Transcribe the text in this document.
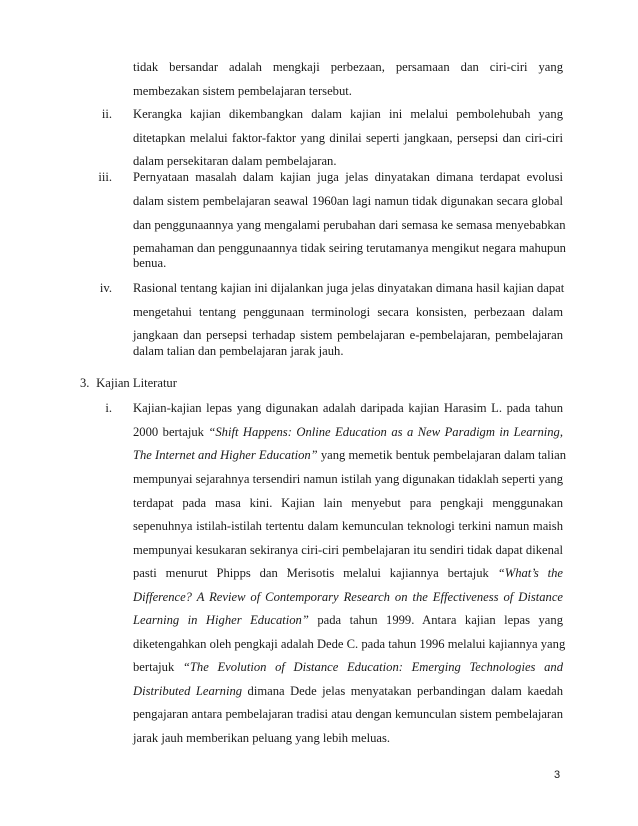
tidak bersandar adalah mengkaji perbezaan, persamaan dan ciri-ciri yang
membezakan sistem pembelajaran tersebut.
ii. Kerangka kajian dikembangkan dalam kajian ini melalui pembolehubah yang
ditetapkan melalui faktor-faktor yang dinilai seperti jangkaan, persepsi dan ciri-ciri
dalam persekitaran dalam pembelajaran.
iii. Pernyataan masalah dalam kajian juga jelas dinyatakan dimana terdapat evolusi
dalam sistem pembelajaran seawal 1960an lagi namun tidak digunakan secara global
dan penggunaannya yang mengalami perubahan dari semasa ke semasa menyebabkan
pemahaman dan penggunaannya tidak seiring terutamanya mengikut negara mahupun
benua.
iv. Rasional tentang kajian ini dijalankan juga jelas dinyatakan dimana hasil kajian dapat
mengetahui tentang penggunaan terminologi secara konsisten, perbezaan dalam
jangkaan dan persepsi terhadap sistem pembelajaran e-pembelajaran, pembelajaran
dalam talian dan pembelajaran jarak jauh.
3. Kajian Literatur
i. Kajian-kajian lepas yang digunakan adalah daripada kajian Harasim L. pada tahun
2000 bertajuk “Shift Happens: Online Education as a New Paradigm in Learning,
The Internet and Higher Education” yang memetik bentuk pembelajaran dalam talian
mempunyai sejarahnya tersendiri namun istilah yang digunakan tidaklah seperti yang
terdapat pada masa kini. Kajian lain menyebut para pengkaji menggunakan
sepenuhnya istilah-istilah tertentu dalam kemunculan teknologi terkini namun maish
mempunyai kesukaran sekiranya ciri-ciri pembelajaran itu sendiri tidak dapat dikenal
pasti menurut Phipps dan Merisotis melalui kajiannya bertajuk “What’s the
Difference? A Review of Contemporary Research on the Effectiveness of Distance
Learning in Higher Education” pada tahun 1999. Antara kajian lepas yang
diketengahkan oleh pengkaji adalah Dede C. pada tahun 1996 melalui kajiannya yang
bertajuk “The Evolution of Distance Education: Emerging Technologies and
Distributed Learning dimana Dede jelas menyatakan perbandingan dalam kaedah
pengajaran antara pembelajaran tradisi atau dengan kemunculan sistem pembelajaran
jarak jauh memberikan peluang yang lebih meluas.
3
